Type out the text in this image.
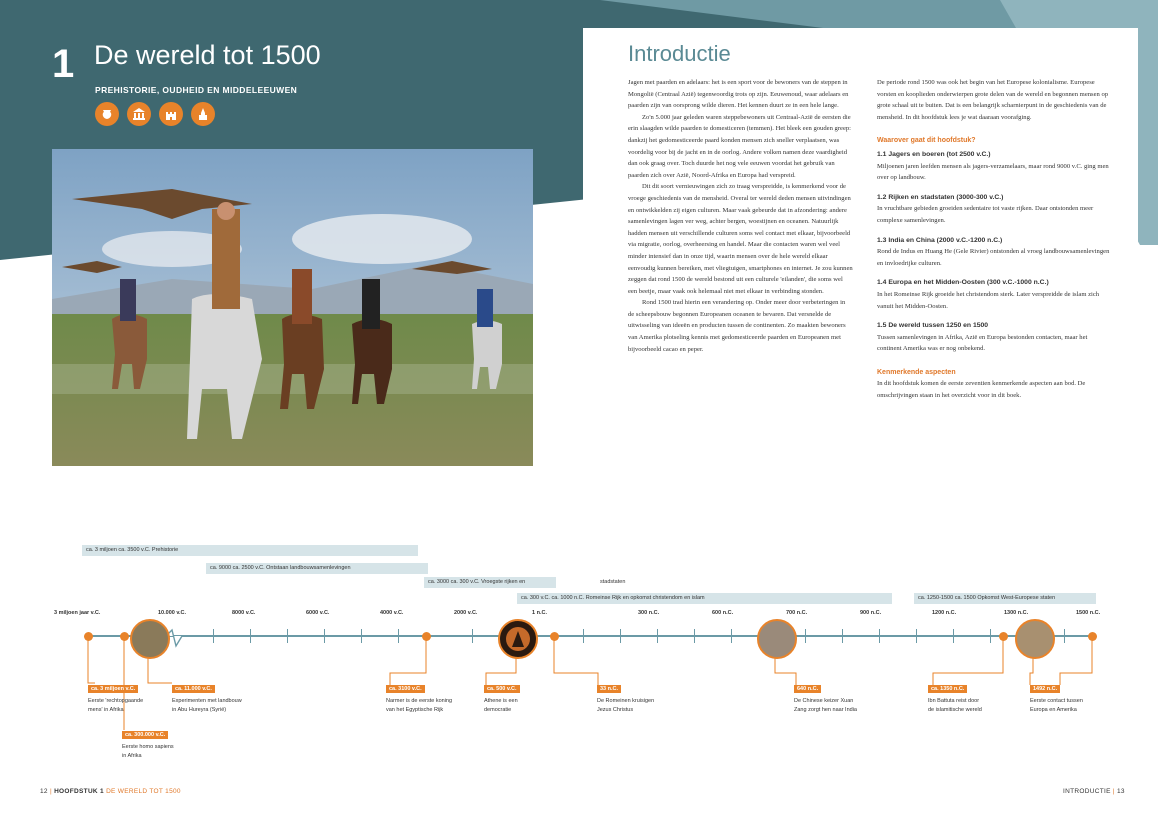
1 De wereld tot 1500
PREHISTORIE, OUDHEID EN MIDDELEEUWEN
Introductie

Jagen met paarden en adelaars: het is een sport voor de bewoners van de steppen in Mongolië (Centraal Azië) tegenwoordig trots op zijn. Eeuwenoud, waar adelaars en paarden zijn van oorsprong wilde dieren. Het kennen duurt ze in een hele lange.

Zo'n 5.000 jaar geleden waren steppebewoners uit Centraal-Azië de eersten die erin slaagden wilde paarden te domesticeren (temmen). Het bleek een gouden greep: dankzij het gedomesticeerde paard konden mensen zich sneller verplaatsen, was voordelig voor bij de jacht en in de oorlog. Andere volken namen deze vaardigheid dan ook graag over. Toch duurde het nog vele eeuwen voordat het gebruik van paarden zich over Azië, Noord-Afrika en Europa had verspreid.

Dit dit soort vernieuwingen zich zo traag verspreidde, is kenmerkend voor de vroege geschiedenis van de mensheid. Overal ter wereld deden mensen uitvindingen en ontwikkelden zij eigen culturen. Maar vaak gebeurde dat in afzondering: andere samenlevingen lagen ver weg, achter bergen, woestijnen en oceanen. Natuurlijk hadden mensen uit verschillende culturen soms wel contact met elkaar, bijvoorbeeld via migratie, oorlog, overheersing en handel. Maar die contacten waren wel veel minder intensief dan in onze tijd, waarin mensen over de hele wereld elkaar eenvoudig kunnen bereiken, met vliegtuigen, smartphones en internet. Je zou kunnen zeggen dat rond 1500 de wereld bestond uit een culturele 'eilanden', die soms wel een beetje, maar vaak ook helemaal niet met elkaar in verbinding stonden.

Rond 1500 trad hierin een verandering op. Onder meer door verbeteringen in de scheepsbouw begonnen Europeanen oceanen te bevaren. Dat versnelde de uitwisseling van ideeën en producten tussen de continenten. Zo maakten bewoners van Amerika plotseling kennis met gedomesticeerde paarden en Europeanen met bijvoorbeeld cacao en peper.

De periode rond 1500 was ook het begin van het Europese kolonialisme. Europese vorsten en kooplieden onderwierpen grote delen van de wereld en begonnen mensen op grote schaal uit te buiten. Dat is een belangrijk scharnierpunt in de geschiedenis van de mensheid. In dit hoofdstuk lees je wat daaraan voorafging.

Waarover gaat dit hoofdstuk?
1.1 Jagers en boeren (tot 2500 v.C.)
Miljoenen jaren leefden mensen als jagers-verzamelaars, maar rond 9000 v.C. ging men over op landbouw.
1.2 Rijken en stadstaten (3000-300 v.C.)
In vruchtbare gebieden groeiden sedentaire tot vaste rijken. Daar ontstonden meer complexe samenlevingen.
1.3 India en China (2000 v.C.-1200 n.C.)
Rond de Indus en Huang He (Gele Rivier) ontstonden al vroeg landbouwsamenlevingen en invloedrijke culturen.
1.4 Europa en het Midden-Oosten (300 v.C.-1000 n.C.)
In het Romeinse Rijk groeide het christendom sterk. Later verspreidde de islam zich vanuit het Midden-Oosten.
1.5 De wereld tussen 1250 en 1500
Tussen samenlevingen in Afrika, Azië en Europa bestonden contacten, maar het continent Amerika was er nog onbekend.
Kenmerkende aspecten
In dit hoofdstuk komen de eerste zeventien kenmerkende aspecten aan bod. De omschrijvingen staan in het overzicht voor in dit boek.
ca. 3 miljoen ca. 3500 v.C. Prehistorie
ca. 9000 ca. 2500 v.C. Ontstaan landbouwsamenlevingen
ca. 3000 ca. 300 v.C. Vroegste rijken en	stadstaten
ca. 300 v.C. ca. 1000 n.C. Romeinse Rijk en opkomst christendom en islam	ca. 1250-1500 ca. 1500 Opkomst West-Europese staten
3 miljoen jaar v.C.	10.000 v.C.	8000 v.C.	6000 v.C.	4000 v.C.	2000 v.C.	1 n.C.	300 n.C.	600 n.C.	700 n.C.	900 n.C.	1200 n.C.	1300 n.C.	1500 n.C.
ca. 3 miljoen v.C.
Eerste 'rechtopgaande
mens' in Afrika
ca. 300.000 v.C.
Eerste homo sapiens
in Afrika
ca. 11.000 v.C.
Experimenten met landbouw
in Abu Hureyra (Syrië)
ca. 3100 v.C.
Narmer is de eerste koning
van het Egyptische Rijk
ca. 500 v.C.
Athene is een
democratie
33 n.C.
De Romeinen kruisigen
Jezus Christus
640 n.C.
De Chinese keizer Xuan
Zang zorgt hen naar India
ca. 1350 n.C.
Ibn Battuta reist door
de islamitische wereld
1492 n.C.
Eerste contact tussen
Europa en Amerika
12 | HOOFDSTUK 1 DE WERELD TOT 1500	INTRODUCTIE | 13
